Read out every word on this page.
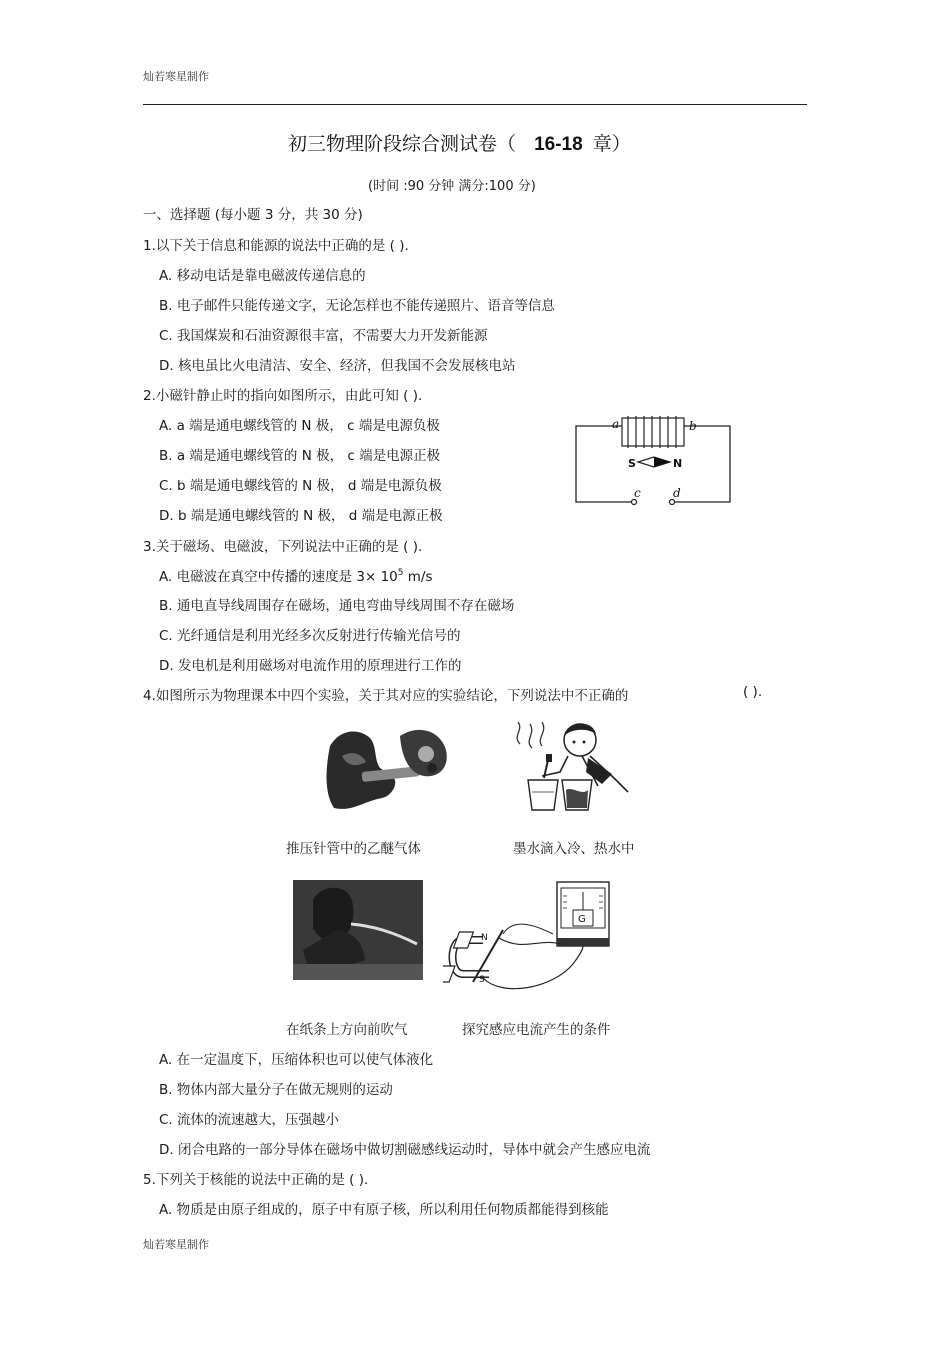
灿若寒星制作
初三物理阶段综合测试卷（ 16-18 章）
(时间 :90 分钟 满分:100 分)
一、选择题 (每小题 3 分，共 30 分)
1.以下关于信息和能源的说法中正确的是 ( ).
A. 移动电话是靠电磁波传递信息的
B. 电子邮件只能传递文字，无论怎样也不能传递照片、语音等信息
C. 我国煤炭和石油资源很丰富，不需要大力开发新能源
D. 核电虽比火电清洁、安全、经济，但我国不会发展核电站
2.小磁针静止时的指向如图所示，由此可知 ( ).
A. a 端是通电螺线管的 N 极， c 端是电源负极
B. a 端是通电螺线管的 N 极， c 端是电源正极
C. b 端是通电螺线管的 N 极， d 端是电源负极
D. b 端是通电螺线管的 N 极， d 端是电源正极
a	b
S	N
c	d
3.关于磁场、电磁波，下列说法中正确的是 ( ).
A. 电磁波在真空中传播的速度是 $3\times 10^5$ m/s
B. 通电直导线周围存在磁场，通电弯曲导线周围不存在磁场
C. 光纤通信是利用光经多次反射进行传输光信号的
D. 发电机是利用磁场对电流作用的原理进行工作的
4.如图所示为物理课本中四个实验，关于其对应的实验结论，下列说法中不正确的	( ).
推压针管中的乙醚气体	墨水滴入冷、热水中
G
N
S
在纸条上方向前吹气	探究感应电流产生的条件
A. 在一定温度下，压缩体积也可以使气体液化
B. 物体内部大量分子在做无规则的运动
C. 流体的流速越大，压强越小
D. 闭合电路的一部分导体在磁场中做切割磁感线运动时，导体中就会产生感应电流
5.下列关于核能的说法中正确的是 ( ).
A. 物质是由原子组成的，原子中有原子核，所以利用任何物质都能得到核能
灿若寒星制作
